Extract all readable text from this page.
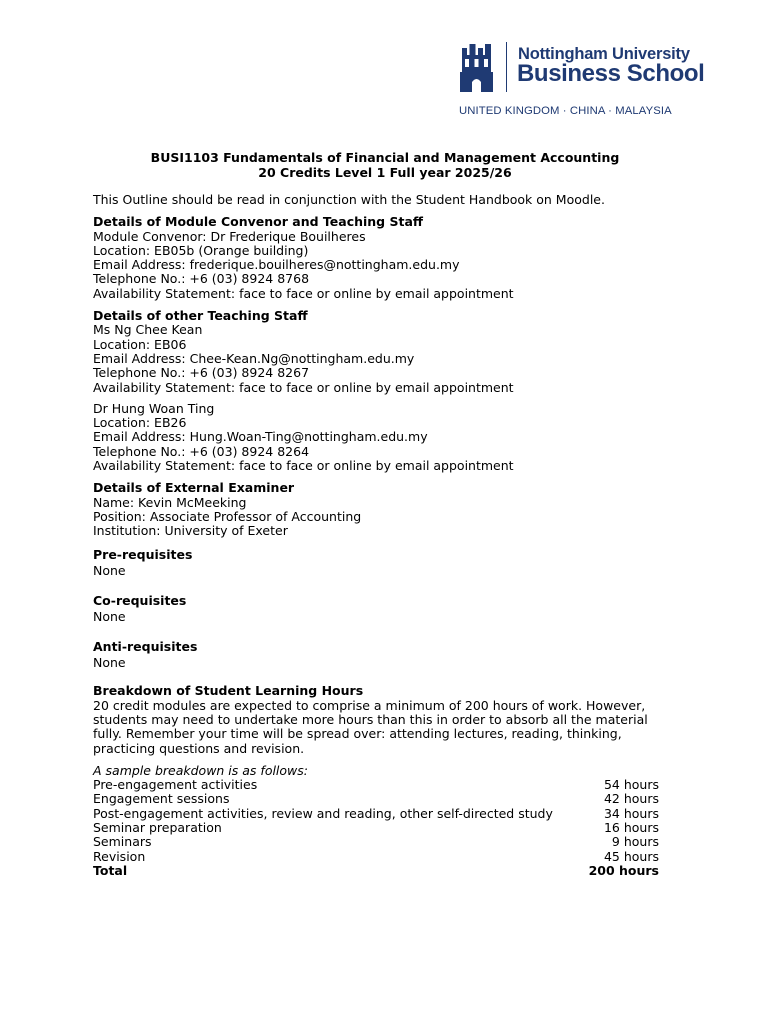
Nottingham University
Business School
UNITED KINGDOM · CHINA · MALAYSIA
BUSI1103 Fundamentals of Financial and Management Accounting
20 Credits Level 1 Full year 2025/26
This Outline should be read in conjunction with the Student Handbook on Moodle.
Details of Module Convenor and Teaching Staff
Module Convenor: Dr Frederique Bouilheres
Location: EB05b (Orange building)
Email Address: frederique.bouilheres@nottingham.edu.my
Telephone No.: +6 (03) 8924 8768
Availability Statement: face to face or online by email appointment
Details of other Teaching Staff
Ms Ng Chee Kean
Location: EB06
Email Address: Chee-Kean.Ng@nottingham.edu.my
Telephone No.: +6 (03) 8924 8267
Availability Statement: face to face or online by email appointment
Dr Hung Woan Ting
Location: EB26
Email Address: Hung.Woan-Ting@nottingham.edu.my
Telephone No.: +6 (03) 8924 8264
Availability Statement: face to face or online by email appointment
Details of External Examiner
Name: Kevin McMeeking
Position: Associate Professor of Accounting
Institution: University of Exeter
Pre-requisites
None
Co-requisites
None
Anti-requisites
None
Breakdown of Student Learning Hours
20 credit modules are expected to comprise a minimum of 200 hours of work. However, students may need to undertake more hours than this in order to absorb all the material fully. Remember your time will be spread over: attending lectures, reading, thinking, practicing questions and revision.
A sample breakdown is as follows:
Pre-engagement activities	54 hours
Engagement sessions	42 hours
Post-engagement activities, review and reading, other self-directed study	34 hours
Seminar preparation	16 hours
Seminars	9 hours
Revision	45 hours
Total	200 hours
